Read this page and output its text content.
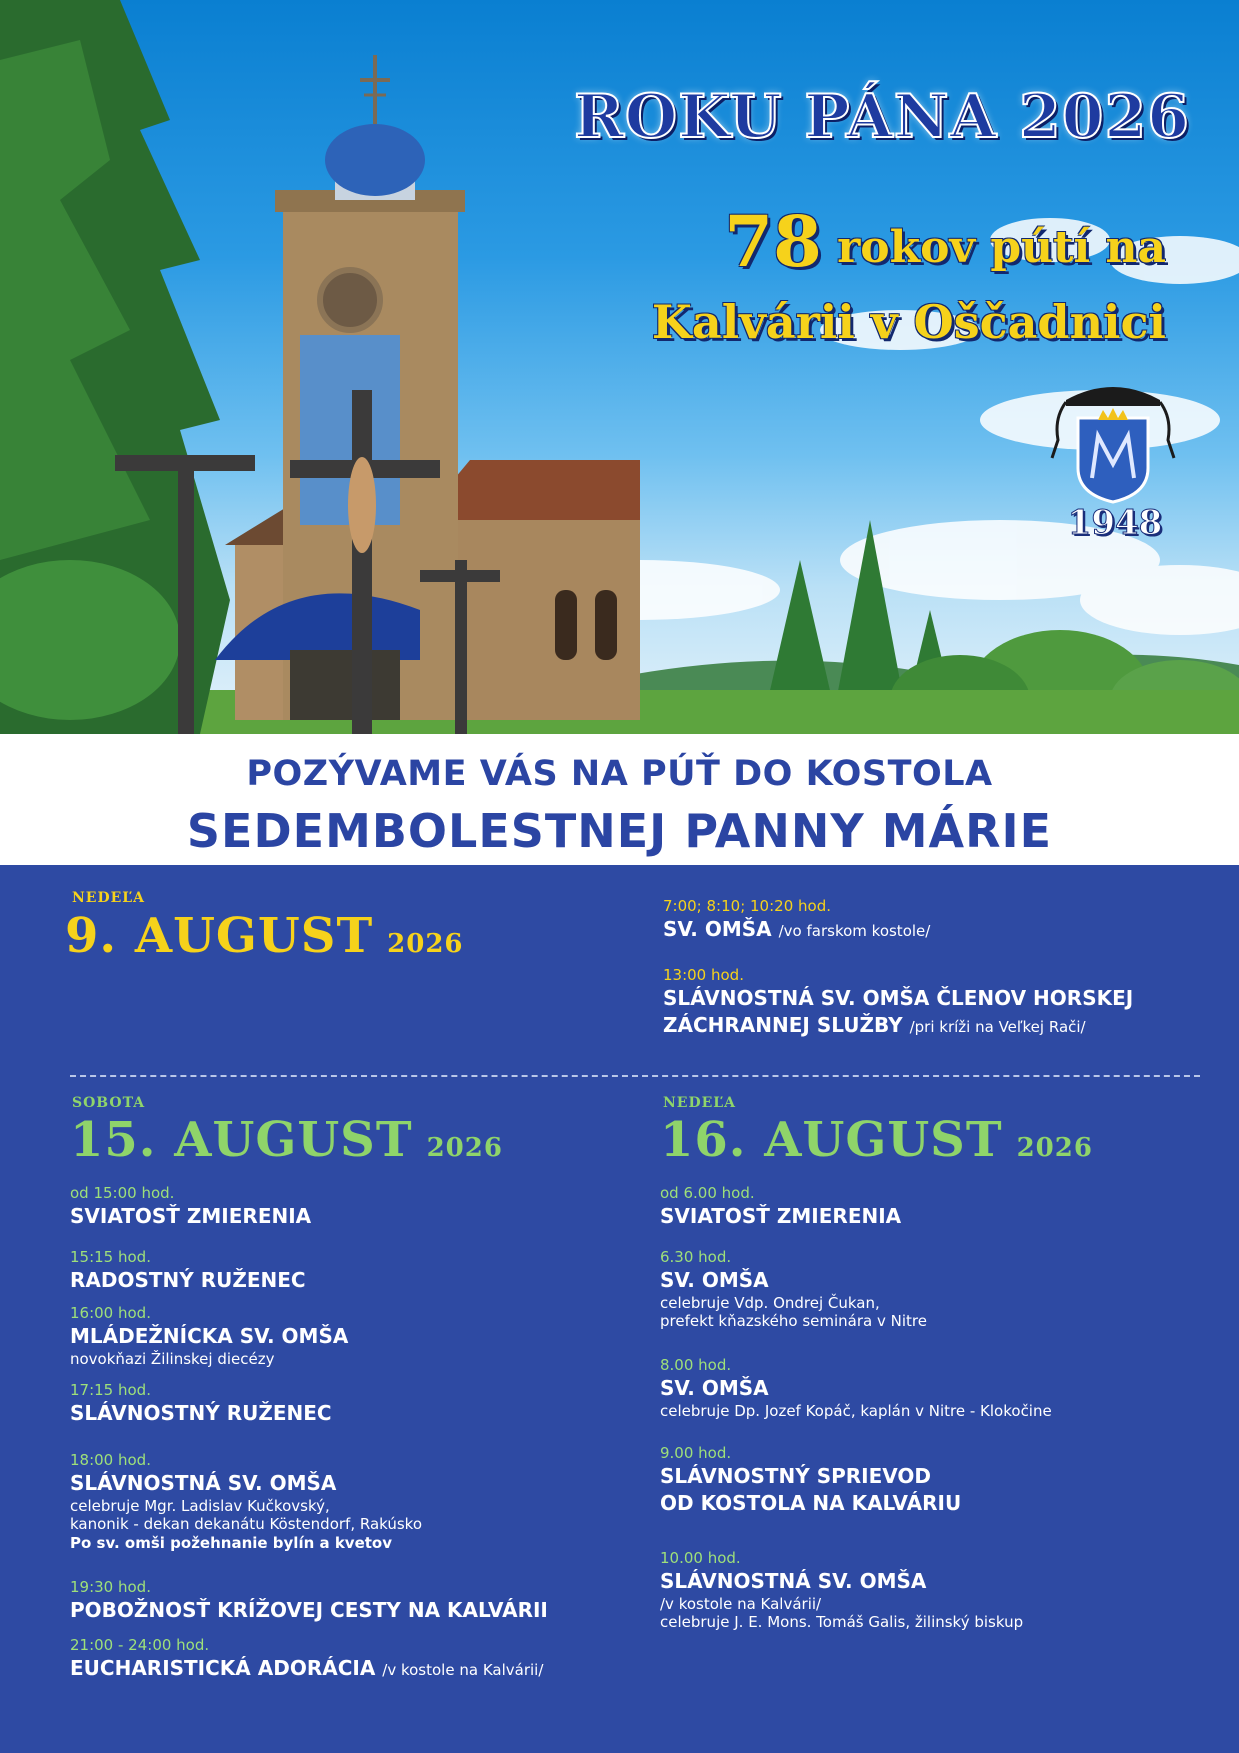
ROKU PÁNA 2026
78 rokov pútí na
Kalvárii v Oščadnici
1948
POZÝVAME VÁS NA PÚŤ DO KOSTOLA
SEDEMBOLESTNEJ PANNY MÁRIE
NEDEĽA
9. AUGUST 2026
7:00; 8:10; 10:20 hod.
SV. OMŠA /vo farskom kostole/
13:00 hod.
SLÁVNOSTNÁ SV. OMŠA ČLENOV HORSKEJ
ZÁCHRANNEJ SLUŽBY /pri kríži na Veľkej Rači/
SOBOTA
15. AUGUST 2026
od 15:00 hod.
SVIATOSŤ ZMIERENIA
15:15 hod.
RADOSTNÝ RUŽENEC
16:00 hod.
MLÁDEŽNÍCKA SV. OMŠA
novokňazi Žilinskej diecézy
17:15 hod.
SLÁVNOSTNÝ RUŽENEC
18:00 hod.
SLÁVNOSTNÁ SV. OMŠA
celebruje Mgr. Ladislav Kučkovský,
kanonik - dekan dekanátu Köstendorf, Rakúsko
Po sv. omši požehnanie bylín a kvetov
19:30 hod.
POBOŽNOSŤ KRÍŽOVEJ CESTY NA KALVÁRII
21:00 - 24:00 hod.
EUCHARISTICKÁ ADORÁCIA /v kostole na Kalvárii/
NEDEĽA
16. AUGUST 2026
od 6.00 hod.
SVIATOSŤ ZMIERENIA
6.30 hod.
SV. OMŠA
celebruje Vdp. Ondrej Čukan,
prefekt kňazského seminára v Nitre
8.00 hod.
SV. OMŠA
celebruje Dp. Jozef Kopáč, kaplán v Nitre - Klokočine
9.00 hod.
SLÁVNOSTNÝ SPRIEVOD
OD KOSTOLA NA KALVÁRIU
10.00 hod.
SLÁVNOSTNÁ SV. OMŠA
/v kostole na Kalvárii/
celebruje J. E. Mons. Tomáš Galis, žilinský biskup
